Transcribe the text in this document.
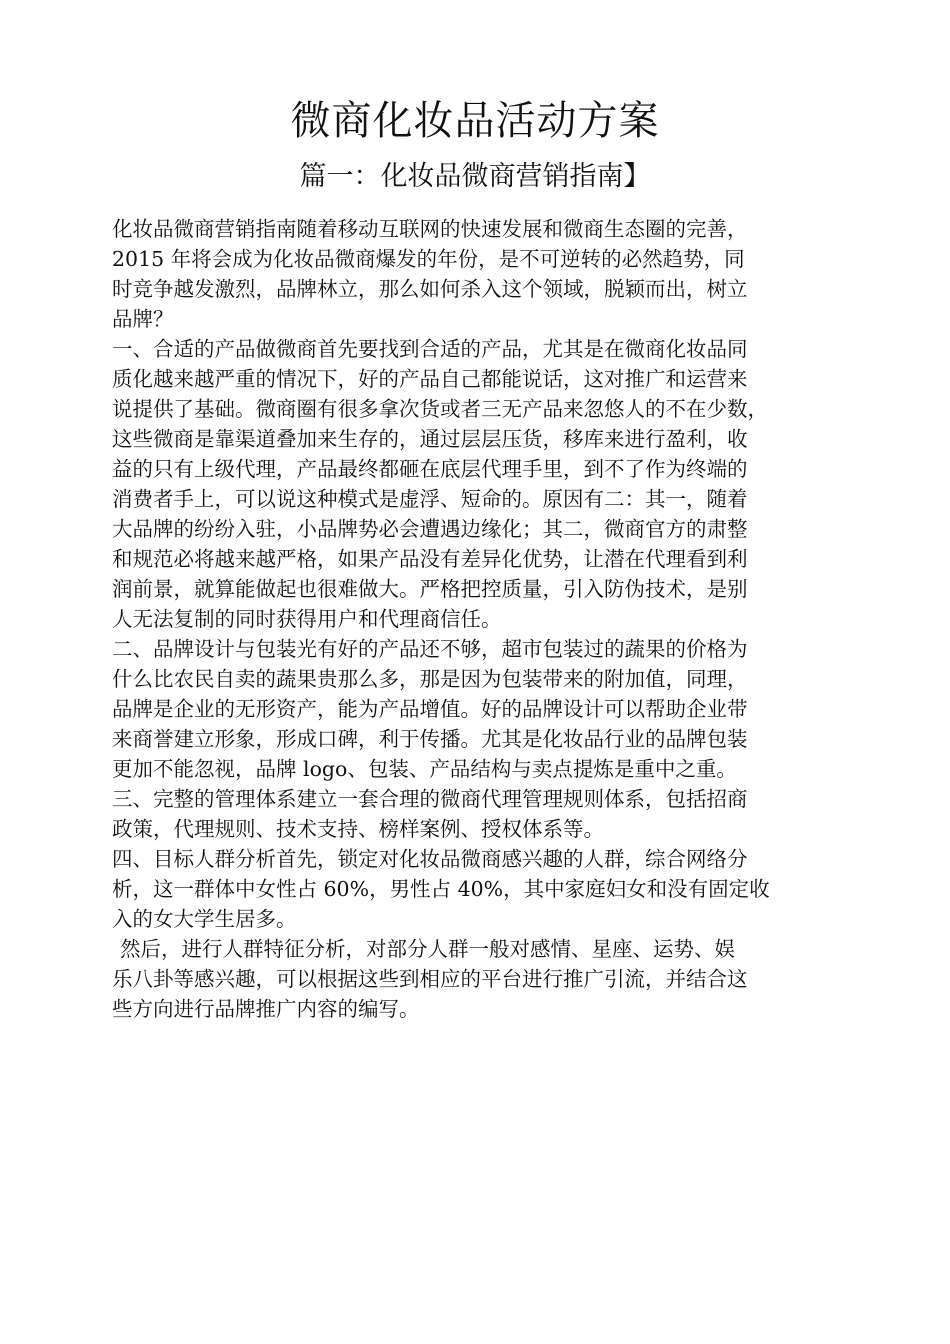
微商化妆品活动方案
篇一：化妆品微商营销指南】
化妆品微商营销指南随着移动互联网的快速发展和微商生态圈的完善，
2015 年将会成为化妆品微商爆发的年份，是不可逆转的必然趋势，同
时竞争越发激烈，品牌林立，那么如何杀入这个领域，脱颖而出，树立
品牌？
一、合适的产品做微商首先要找到合适的产品，尤其是在微商化妆品同
质化越来越严重的情况下，好的产品自己都能说话，这对推广和运营来
说提供了基础。微商圈有很多拿次货或者三无产品来忽悠人的不在少数，
这些微商是靠渠道叠加来生存的，通过层层压货，移库来进行盈利，收
益的只有上级代理，产品最终都砸在底层代理手里，到不了作为终端的
消费者手上，可以说这种模式是虚浮、短命的。原因有二：其一，随着
大品牌的纷纷入驻，小品牌势必会遭遇边缘化；其二，微商官方的肃整
和规范必将越来越严格，如果产品没有差异化优势，让潜在代理看到利
润前景，就算能做起也很难做大。严格把控质量，引入防伪技术，是别
人无法复制的同时获得用户和代理商信任。
二、品牌设计与包装光有好的产品还不够，超市包装过的蔬果的价格为
什么比农民自卖的蔬果贵那么多，那是因为包装带来的附加值，同理，
品牌是企业的无形资产，能为产品增值。好的品牌设计可以帮助企业带
来商誉建立形象，形成口碑，利于传播。尤其是化妆品行业的品牌包装
更加不能忽视，品牌 logo、包装、产品结构与卖点提炼是重中之重。
三、完整的管理体系建立一套合理的微商代理管理规则体系，包括招商
政策，代理规则、技术支持、榜样案例、授权体系等。
四、目标人群分析首先，锁定对化妆品微商感兴趣的人群，综合网络分
析，这一群体中女性占 60%，男性占 40%，其中家庭妇女和没有固定收
入的女大学生居多。
然后，进行人群特征分析，对部分人群一般对感情、星座、运势、娱
乐八卦等感兴趣，可以根据这些到相应的平台进行推广引流，并结合这
些方向进行品牌推广内容的编写。
